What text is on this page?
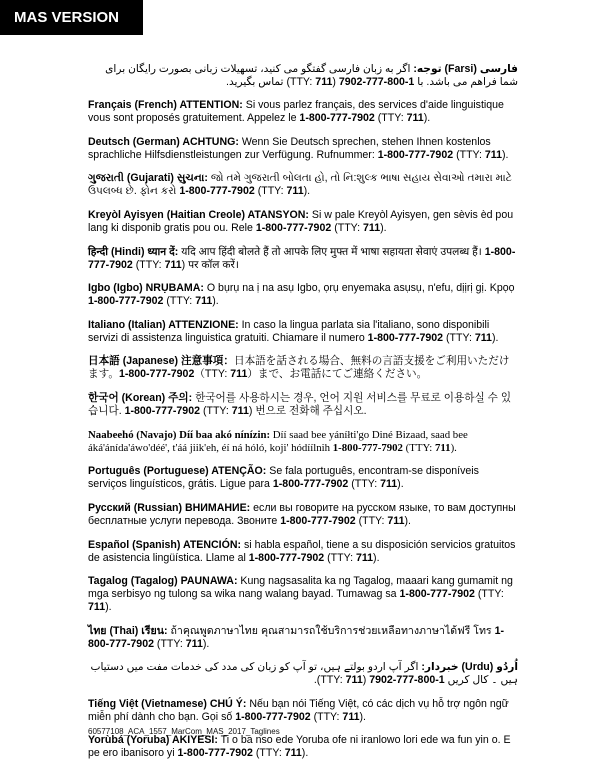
MAS VERSION

فارسی (Farsi) توجه: اگر به زبان فارسی گفتگو می کنید، تسهیلات زبانی بصورت رایگان برای شما فراهم می باشد. با 1-800-777-7902 (TTY: 711) تماس بگیرید.

Français (French) ATTENTION: Si vous parlez français, des services d'aide linguistique vous sont proposés gratuitement. Appelez le 1-800-777-7902 (TTY: 711).

Deutsch (German) ACHTUNG: Wenn Sie Deutsch sprechen, stehen Ihnen kostenlos sprachliche Hilfsdienstleistungen zur Verfügung. Rufnummer: 1-800-777-7902 (TTY: 711).

ગુજરાતી (Gujarati) સુચના: જો તમે ગુજરાતી બોલતા હો, તો નિ:શુલ્ક ભાષા સહાય સેવાઓ તમારા માટે ઉપલબ્ધ છે. ફોન કરો 1-800-777-7902 (TTY: 711).

Kreyòl Ayisyen (Haitian Creole) ATANSYON: Si w pale Kreyòl Ayisyen, gen sèvis èd pou lang ki disponib gratis pou ou. Rele 1-800-777-7902 (TTY: 711).

हिन्दी (Hindi) ध्यान दें: यदि आप हिंदी बोलते हैं तो आपके लिए मुफ्त में भाषा सहायता सेवाएं उपलब्ध हैं। 1-800-777-7902 (TTY: 711) पर कॉल करें।

Igbo (Igbo) NRỤBAMA: O bụrụ na ị na asụ Igbo, ọrụ enyemaka asụsụ, n'efu, dịịrị gị. Kpọọ 1-800-777-7902 (TTY: 711).

Italiano (Italian) ATTENZIONE: In caso la lingua parlata sia l'italiano, sono disponibili servizi di assistenza linguistica gratuiti. Chiamare il numero 1-800-777-7902 (TTY: 711).

日本語 (Japanese) 注意事項：日本語を話される場合、無料の言語支援をご利用いただけます。1-800-777-7902（TTY: 711）まで、お電話にてご連絡ください。

한국어 (Korean) 주의: 한국어를 사용하시는 경우, 언어 지원 서비스를 무료로 이용하실 수 있습니다. 1-800-777-7902 (TTY: 711) 번으로 전화해 주십시오.

Naabeehó (Navajo) Díí baa akó nínízin: Díí saad bee yáníłti'go Diné Bizaad, saad bee áká'ánída'áwo'déé', t'áá jiik'eh, éí ná hóló, koji' hódíílnih 1-800-777-7902 (TTY: 711).

Português (Portuguese) ATENÇÃO: Se fala português, encontram-se disponíveis serviços linguísticos, grátis. Ligue para 1-800-777-7902 (TTY: 711).

Русский (Russian) ВНИМАНИЕ: если вы говорите на русском языке, то вам доступны бесплатные услуги перевода. Звоните 1-800-777-7902 (TTY: 711).

Español (Spanish) ATENCIÓN: si habla español, tiene a su disposición servicios gratuitos de asistencia lingüística. Llame al 1-800-777-7902 (TTY: 711).

Tagalog (Tagalog) PAUNAWA: Kung nagsasalita ka ng Tagalog, maaari kang gumamit ng mga serbisyo ng tulong sa wika nang walang bayad. Tumawag sa 1-800-777-7902 (TTY: 711).

ไทย (Thai) เรียน: ถ้าคุณพูดภาษาไทย คุณสามารถใช้บริการช่วยเหลือทางภาษาได้ฟรี โทร 1-800-777-7902 (TTY: 711).

اُردُو (Urdu) خبردار: اگر آپ اردو بولتے ہیں، تو آپ کو زبان کی مدد کی خدمات مفت میں دستیاب ہیں ۔ کال کریں 1-800-777-7902 (TTY: 711).

Tiếng Việt (Vietnamese) CHÚ Ý: Nếu bạn nói Tiếng Việt, có các dịch vụ hỗ trợ ngôn ngữ miễn phí dành cho bạn. Gọi số 1-800-777-7902 (TTY: 711).

Yorùbá (Yoruba) AKIYESI: Ti o ba nso ede Yoruba ofe ni iranlowo lori ede wa fun yin o. E pe ero ibanisoro yi 1-800-777-7902 (TTY: 711).

60577108_ACA_1557_MarCom_MAS_2017_Taglines
